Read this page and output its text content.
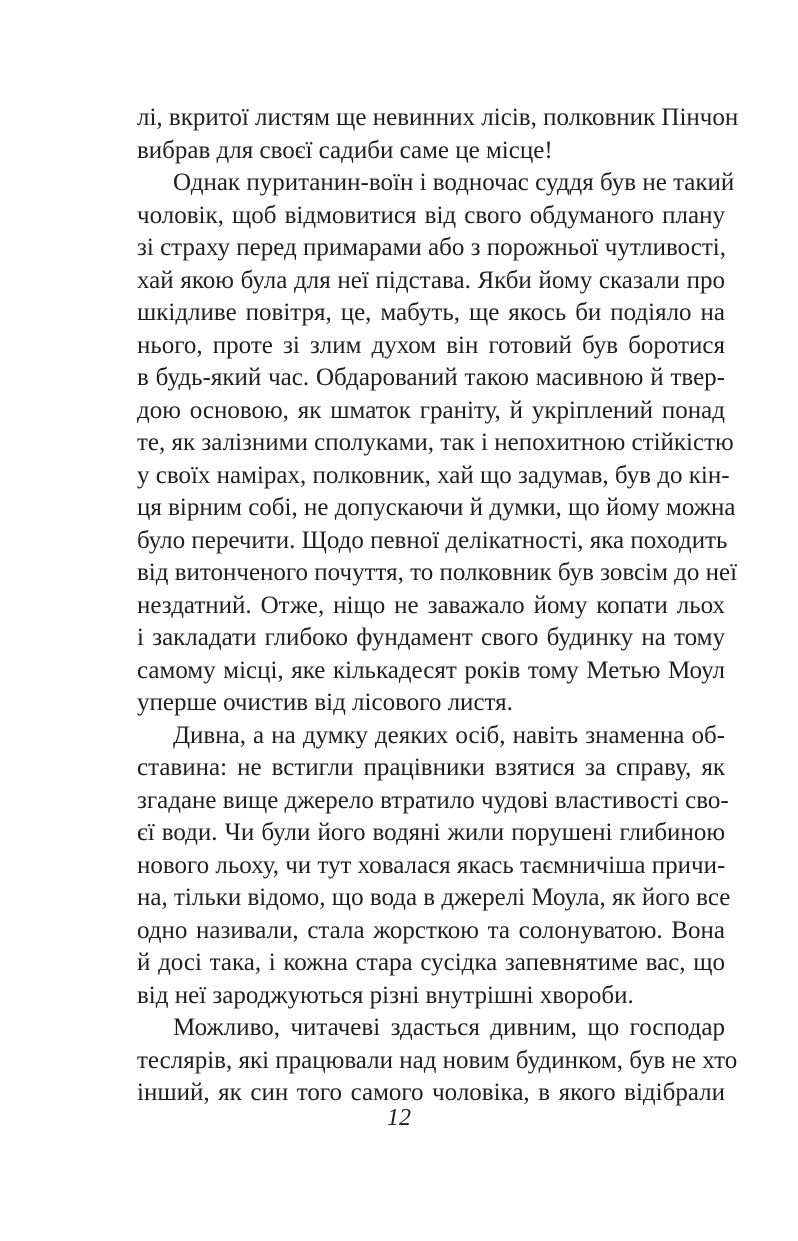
лі, вкритої листям ще невинних лісів, полковник Пінчон
вибрав для своєї садиби саме це місце!
Однак пуританин-воїн і водночас суддя був не такий
чоловік, щоб відмовитися від свого обдуманого плану
зі страху перед примарами або з порожньої чутливості,
хай якою була для неї підстава. Якби йому сказали про
шкідливе повітря, це, мабуть, ще якось би подіяло на
нього, проте зі злим духом він готовий був боротися
в будь-який час. Обдарований такою масивною й твер-
дою основою, як шматок граніту, й укріплений понад
те, як залізними сполуками, так і непохитною стійкістю
у своїх намірах, полковник, хай що задумав, був до кін-
ця вірним собі, не допускаючи й думки, що йому можна
було перечити. Щодо певної делікатності, яка походить
від витонченого почуття, то полковник був зовсім до неї
нездатний. Отже, ніщо не заважало йому копати льох
і закладати глибоко фундамент свого будинку на тому
самому місці, яке кількадесят років тому Метью Моул
уперше очистив від лісового листя.
Дивна, а на думку деяких осіб, навіть знаменна об-
ставина: не встигли працівники взятися за справу, як
згадане вище джерело втратило чудові властивості сво-
єї води. Чи були його водяні жили порушені глибиною
нового льоху, чи тут ховалася якась таємничіша причи-
на, тільки відомо, що вода в джерелі Моула, як його все
одно називали, стала жорсткою та солонуватою. Вона
й досі така, і кожна стара сусідка запевнятиме вас, що
від неї зароджуються різні внутрішні хвороби.
Можливо, читачеві здасться дивним, що господар
теслярів, які працювали над новим будинком, був не хто
інший, як син того самого чоловіка, в якого відібрали
12
